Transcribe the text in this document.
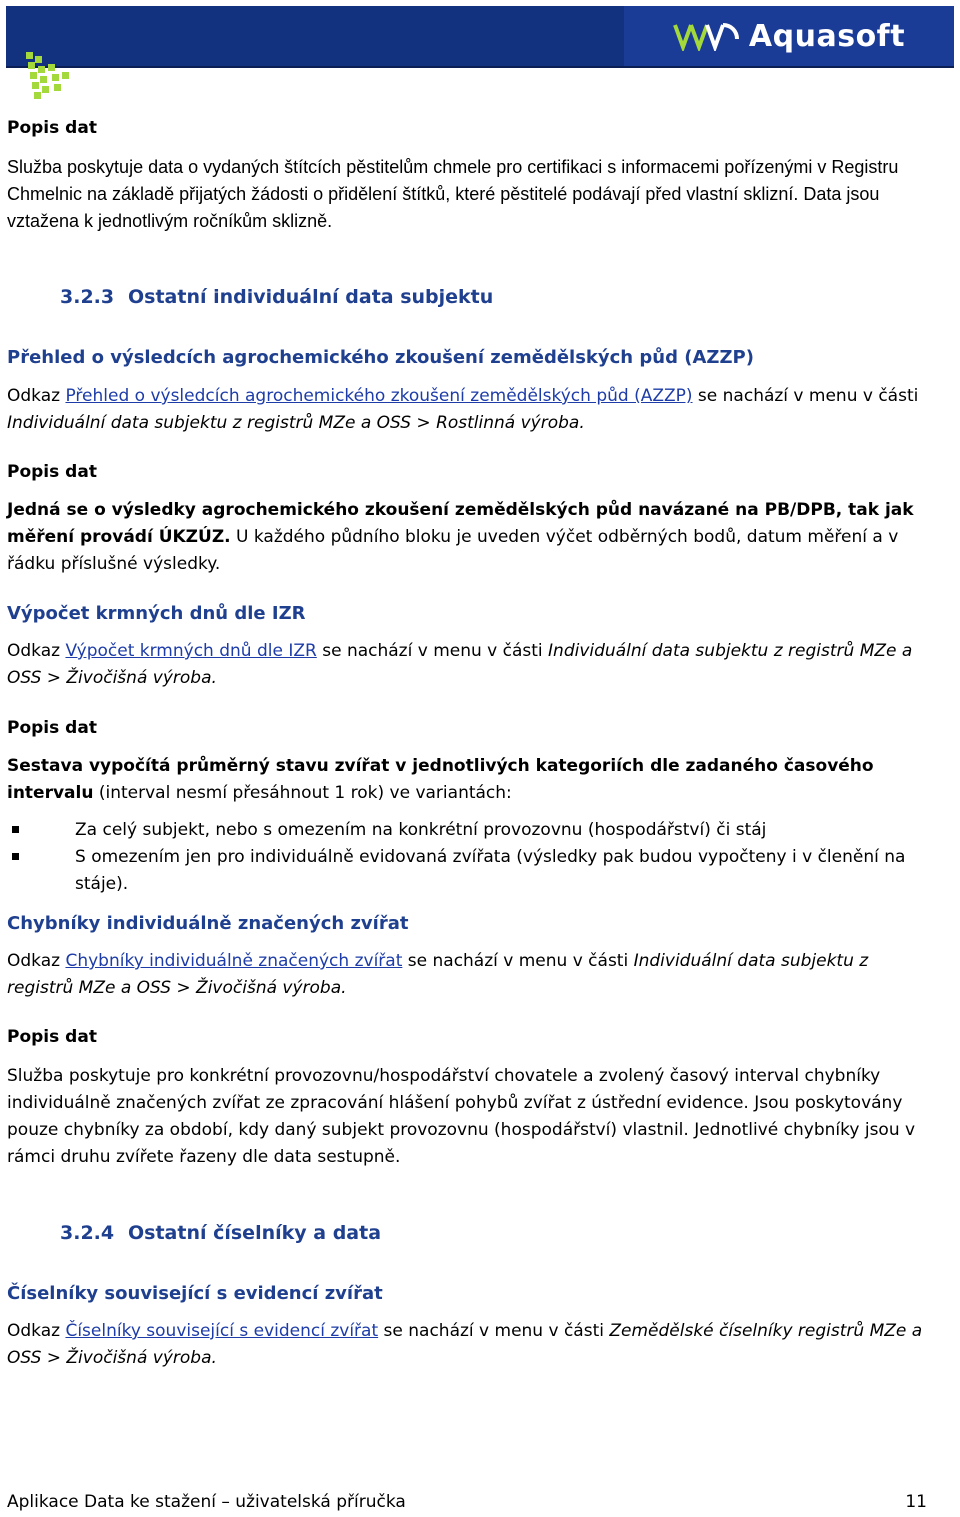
Aquasoft

Popis dat

Služba poskytuje data o vydaných štítcích pěstitelům chmele pro certifikaci s informacemi pořízenými v Registru Chmelnic na základě přijatých žádosti o přidělení štítků, které pěstitelé podávají před vlastní sklizní. Data jsou vztažena k jednotlivým ročníkům sklizně.

3.2.3 Ostatní individuální data subjektu
Přehled o výsledcích agrochemického zkoušení zemědělských půd (AZZP)

Odkaz Přehled o výsledcích agrochemického zkoušení zemědělských půd (AZZP) se nachází v menu v části Individuální data subjektu z registrů MZe a OSS > Rostlinná výroba.

Popis dat

Jedná se o výsledky agrochemického zkoušení zemědělských půd navázané na PB/DPB, tak jak měření provádí ÚKZÚZ. U každého půdního bloku je uveden výčet odběrných bodů, datum měření a v řádku příslušné výsledky.

Výpočet krmných dnů dle IZR

Odkaz Výpočet krmných dnů dle IZR se nachází v menu v části Individuální data subjektu z registrů MZe a OSS > Živočišná výroba.

Popis dat

Sestava vypočítá průměrný stavu zvířat v jednotlivých kategoriích dle zadaného časového intervalu (interval nesmí přesáhnout 1 rok) ve variantách:

Za celý subjekt, nebo s omezením na konkrétní provozovnu (hospodářství) či stáj
S omezením jen pro individuálně evidovaná zvířata (výsledky pak budou vypočteny i v členění na stáje).
Chybníky individuálně značených zvířat

Odkaz Chybníky individuálně značených zvířat se nachází v menu v části Individuální data subjektu z registrů MZe a OSS > Živočišná výroba.

Popis dat

Služba poskytuje pro konkrétní provozovnu/hospodářství chovatele a zvolený časový interval chybníky individuálně značených zvířat ze zpracování hlášení pohybů zvířat z ústřední evidence. Jsou poskytovány pouze chybníky za období, kdy daný subjekt provozovnu (hospodářství) vlastnil. Jednotlivé chybníky jsou v rámci druhu zvířete řazeny dle data sestupně.

3.2.4 Ostatní číselníky a data
Číselníky související s evidencí zvířat

Odkaz Číselníky související s evidencí zvířat se nachází v menu v části Zemědělské číselníky registrů MZe a OSS > Živočišná výroba.

Aplikace Data ke stažení – uživatelská příručka	11
